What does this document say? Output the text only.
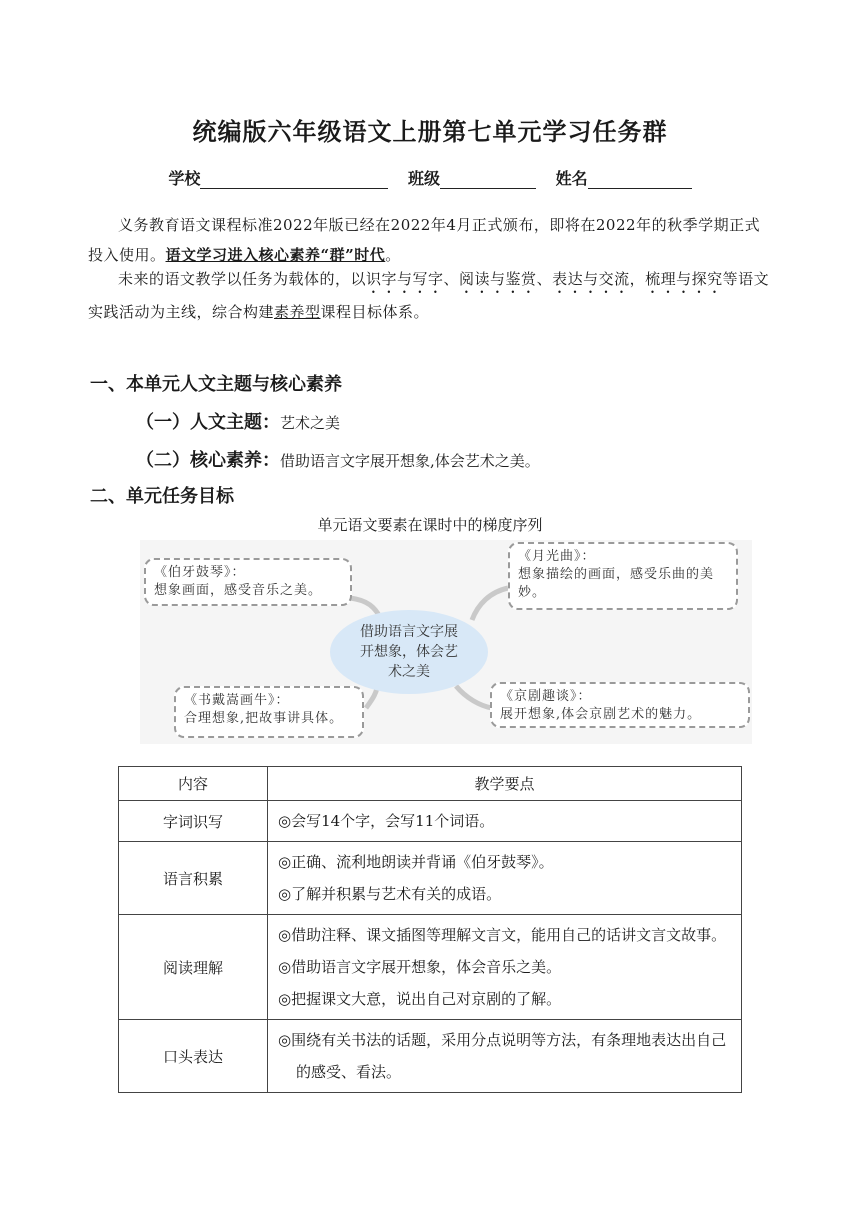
统编版六年级语文上册第七单元学习任务群
学校	班级	姓名
义务教育语文课程标准2022年版已经在2022年4月正式颁布，即将在2022年的秋季学期正式投入使用。语文学习进入核心素养“群”时代。
未来的语文教学以任务为载体的，以识字与写字、阅读与鉴赏、表达与交流，梳理与探究等语文实践活动为主线，综合构建素养型课程目标体系。
一、本单元人文主题与核心素养
（一）人文主题：艺术之美
（二）核心素养：借助语言文字展开想象,体会艺术之美。
二、单元任务目标
单元语文要素在课时中的梯度序列
《伯牙鼓琴》：
想象画面，感受音乐之美。
《月光曲》：
想象描绘的画面，感受乐曲的美妙。
《书戴嵩画牛》：
合理想象,把故事讲具体。
《京剧趣谈》：
展开想象,体会京剧艺术的魅力。
借助语言文字展开想象，体会艺术之美
内容	教学要点
字词识写	◎会写14个字，会写11个词语。

语言积累	◎正确、流利地朗读并背诵《伯牙鼓琴》。
◎了解并积累与艺术有关的成语。

阅读理解	◎借助注释、课文插图等理解文言文，能用自己的话讲文言文故事。
◎借助语言文字展开想象，体会音乐之美。
◎把握课文大意，说出自己对京剧的了解。

口头表达	◎围绕有关书法的话题，采用分点说明等方法，有条理地表达出自己的感受、看法。
